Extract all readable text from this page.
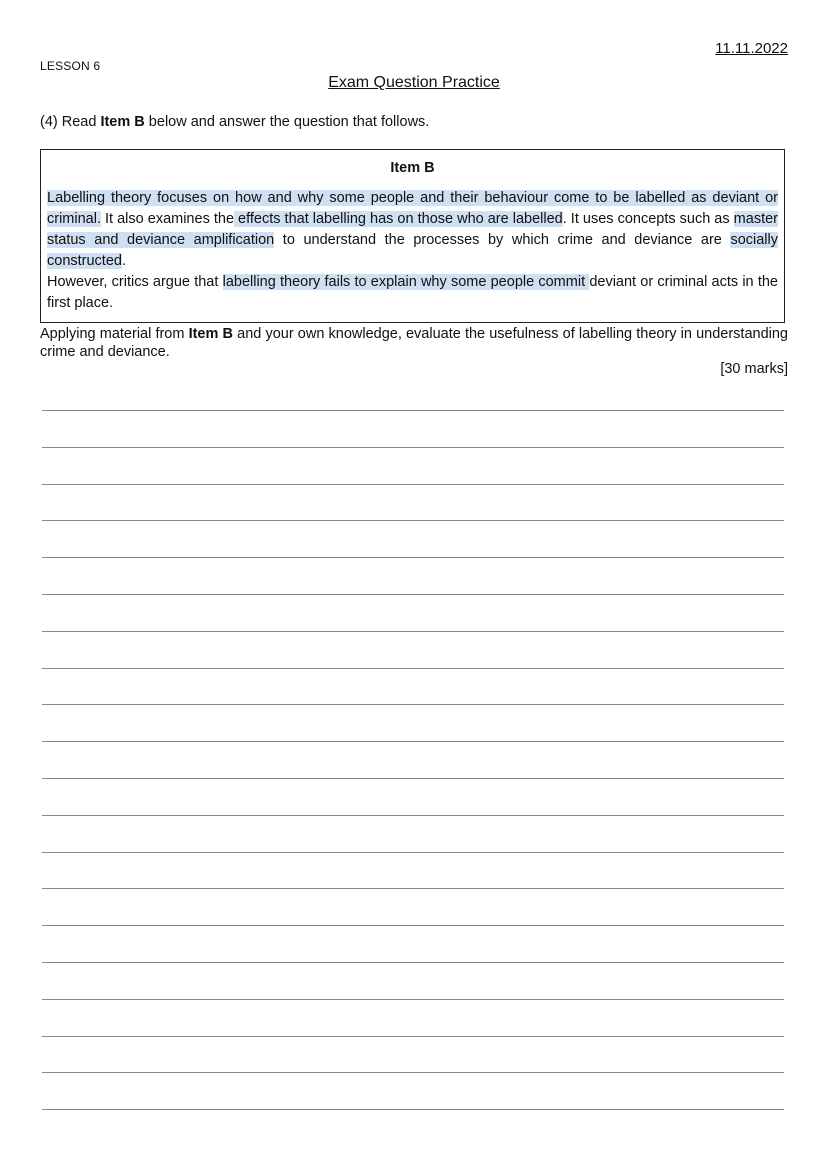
11.11.2022
LESSON 6
Exam Question Practice
(4) Read Item B below and answer the question that follows.
Item B
Labelling theory focuses on how and why some people and their behaviour come to be labelled as deviant or criminal. It also examines the effects that labelling has on those who are labelled. It uses concepts such as master status and deviance amplification to understand the processes by which crime and deviance are socially constructed.
However, critics argue that labelling theory fails to explain why some people commit deviant or criminal acts in the first place.
Applying material from Item B and your own knowledge, evaluate the usefulness of labelling theory in understanding crime and deviance.
[30 marks]
